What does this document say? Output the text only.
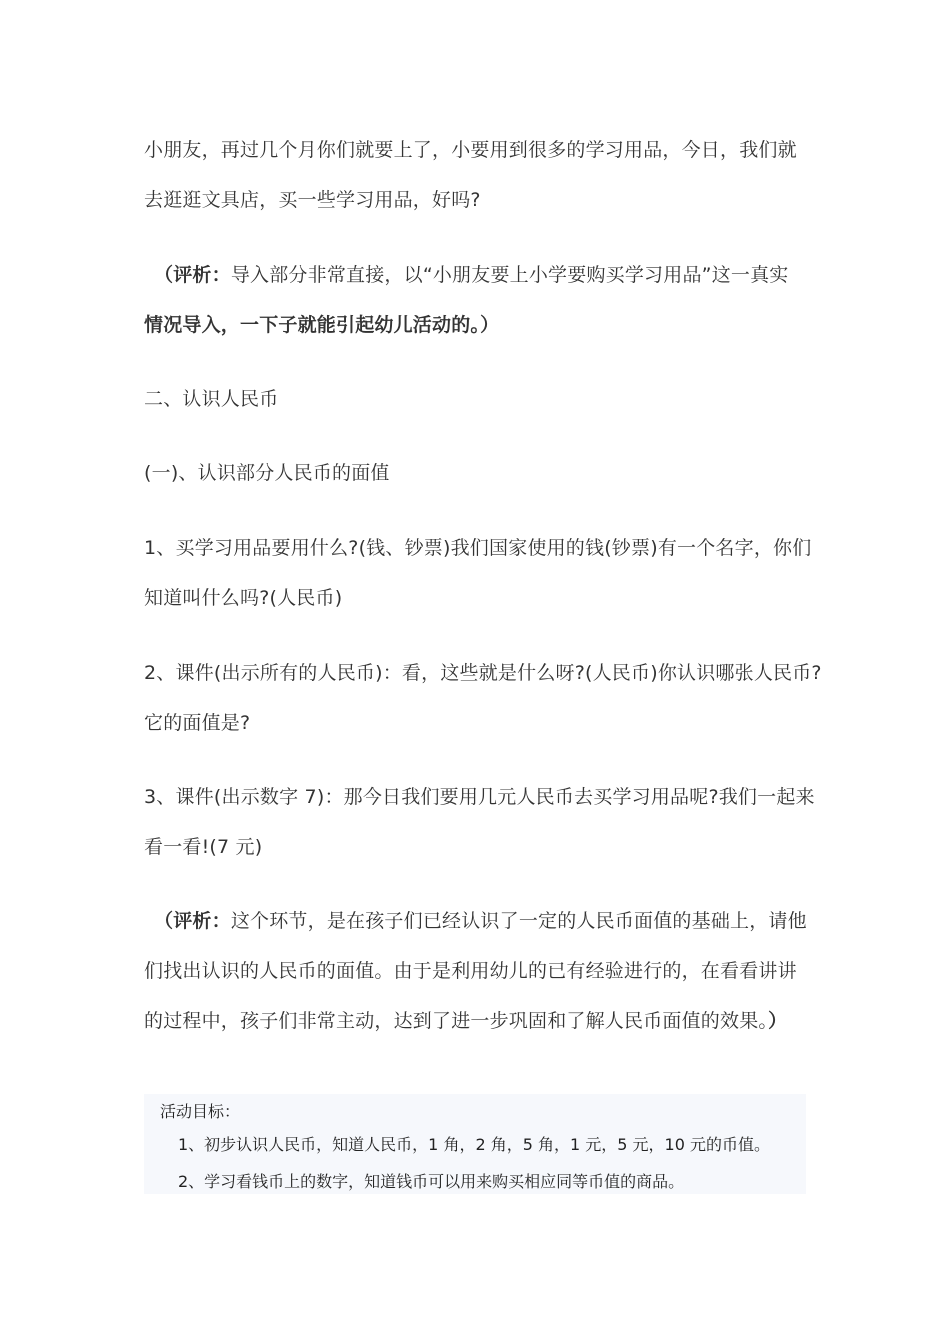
小朋友，再过几个月你们就要上了，小要用到很多的学习用品，今日，我们就
去逛逛文具店，买一些学习用品，好吗?
（评析：导入部分非常直接，以“小朋友要上小学要购买学习用品”这一真实
情况导入，一下子就能引起幼儿活动的。）
二、认识人民币
(一)、认识部分人民币的面值
1、买学习用品要用什么?(钱、钞票)我们国家使用的钱(钞票)有一个名字，你们
知道叫什么吗?(人民币)
2、课件(出示所有的人民币)：看，这些就是什么呀?(人民币)你认识哪张人民币?
它的面值是?
3、课件(出示数字 7)：那今日我们要用几元人民币去买学习用品呢?我们一起来
看一看!(7 元)
（评析：这个环节，是在孩子们已经认识了一定的人民币面值的基础上，请他
们找出认识的人民币的面值。由于是利用幼儿的已有经验进行的，在看看讲讲
的过程中，孩子们非常主动，达到了进一步巩固和了解人民币面值的效果。）
活动目标：
1、初步认识人民币，知道人民币，1 角，2 角，5 角，1 元，5 元，10 元的币值。
2、学习看钱币上的数字，知道钱币可以用来购买相应同等币值的商品。
